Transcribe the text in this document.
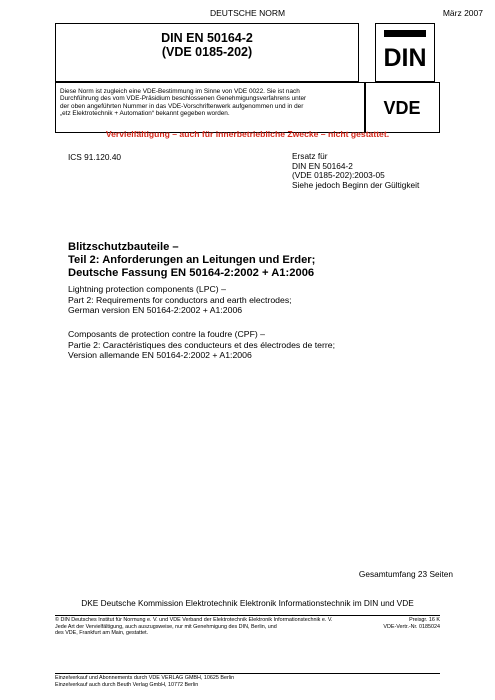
DEUTSCHE NORM	März 2007
DIN EN 50164-2
(VDE 0185-202)	DIN
Diese Norm ist zugleich eine VDE-Bestimmung im Sinne von VDE 0022. Sie ist nach
Durchführung des vom VDE-Präsidium beschlossenen Genehmigungsverfahrens unter
der oben angeführten Nummer in das VDE-Vorschriftenwerk aufgenommen und in der
„etz Elektrotechnik + Automation“ bekannt gegeben worden.	VDE
Vervielfältigung – auch für innerbetriebliche Zwecke – nicht gestattet.
ICS 91.120.40	Ersatz für
DIN EN 50164-2
(VDE 0185-202):2003-05
Siehe jedoch Beginn der Gültigkeit
Blitzschutzbauteile –
Teil 2: Anforderungen an Leitungen und Erder;
Deutsche Fassung EN 50164-2:2002 + A1:2006
Lightning protection components (LPC) –
Part 2: Requirements for conductors and earth electrodes;
German version EN 50164-2:2002 + A1:2006
Composants de protection contre la foudre (CPF) –
Partie 2: Caractéristiques des conducteurs et des électrodes de terre;
Version allemande EN 50164-2:2002 + A1:2006
Gesamtumfang 23 Seiten
DKE Deutsche Kommission Elektrotechnik Elektronik Informationstechnik im DIN und VDE
© DIN Deutsches Institut für Normung e. V. und VDE Verband der Elektrotechnik Elektronik Informationstechnik e. V.
Jede Art der Vervielfältigung, auch auszugsweise, nur mit Genehmigung des DIN, Berlin, und
des VDE, Frankfurt am Main, gestattet.
Preisgr. 16 K
VDE-Vertr.-Nr. 0185024
Einzelverkauf und Abonnements durch VDE VERLAG GMBH, 10625 Berlin
Einzelverkauf auch durch Beuth Verlag GmbH, 10772 Berlin
